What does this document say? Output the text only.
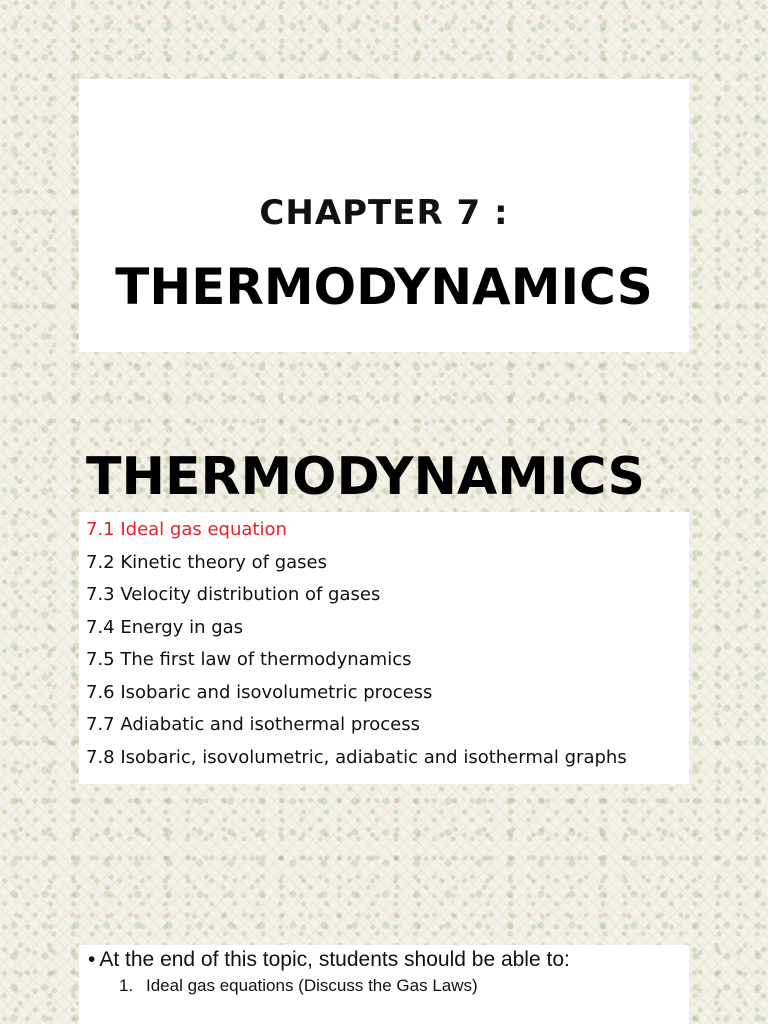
CHAPTER 7 :
THERMODYNAMICS
THERMODYNAMICS
7.1 Ideal gas equation
7.2 Kinetic theory of gases
7.3 Velocity distribution of gases
7.4 Energy in gas
7.5 The first law of thermodynamics
7.6 Isobaric and isovolumetric process
7.7 Adiabatic and isothermal process
7.8 Isobaric, isovolumetric, adiabatic and isothermal graphs
• At the end of this topic, students should be able to:
1. Ideal gas equations (Discuss the Gas Laws)
